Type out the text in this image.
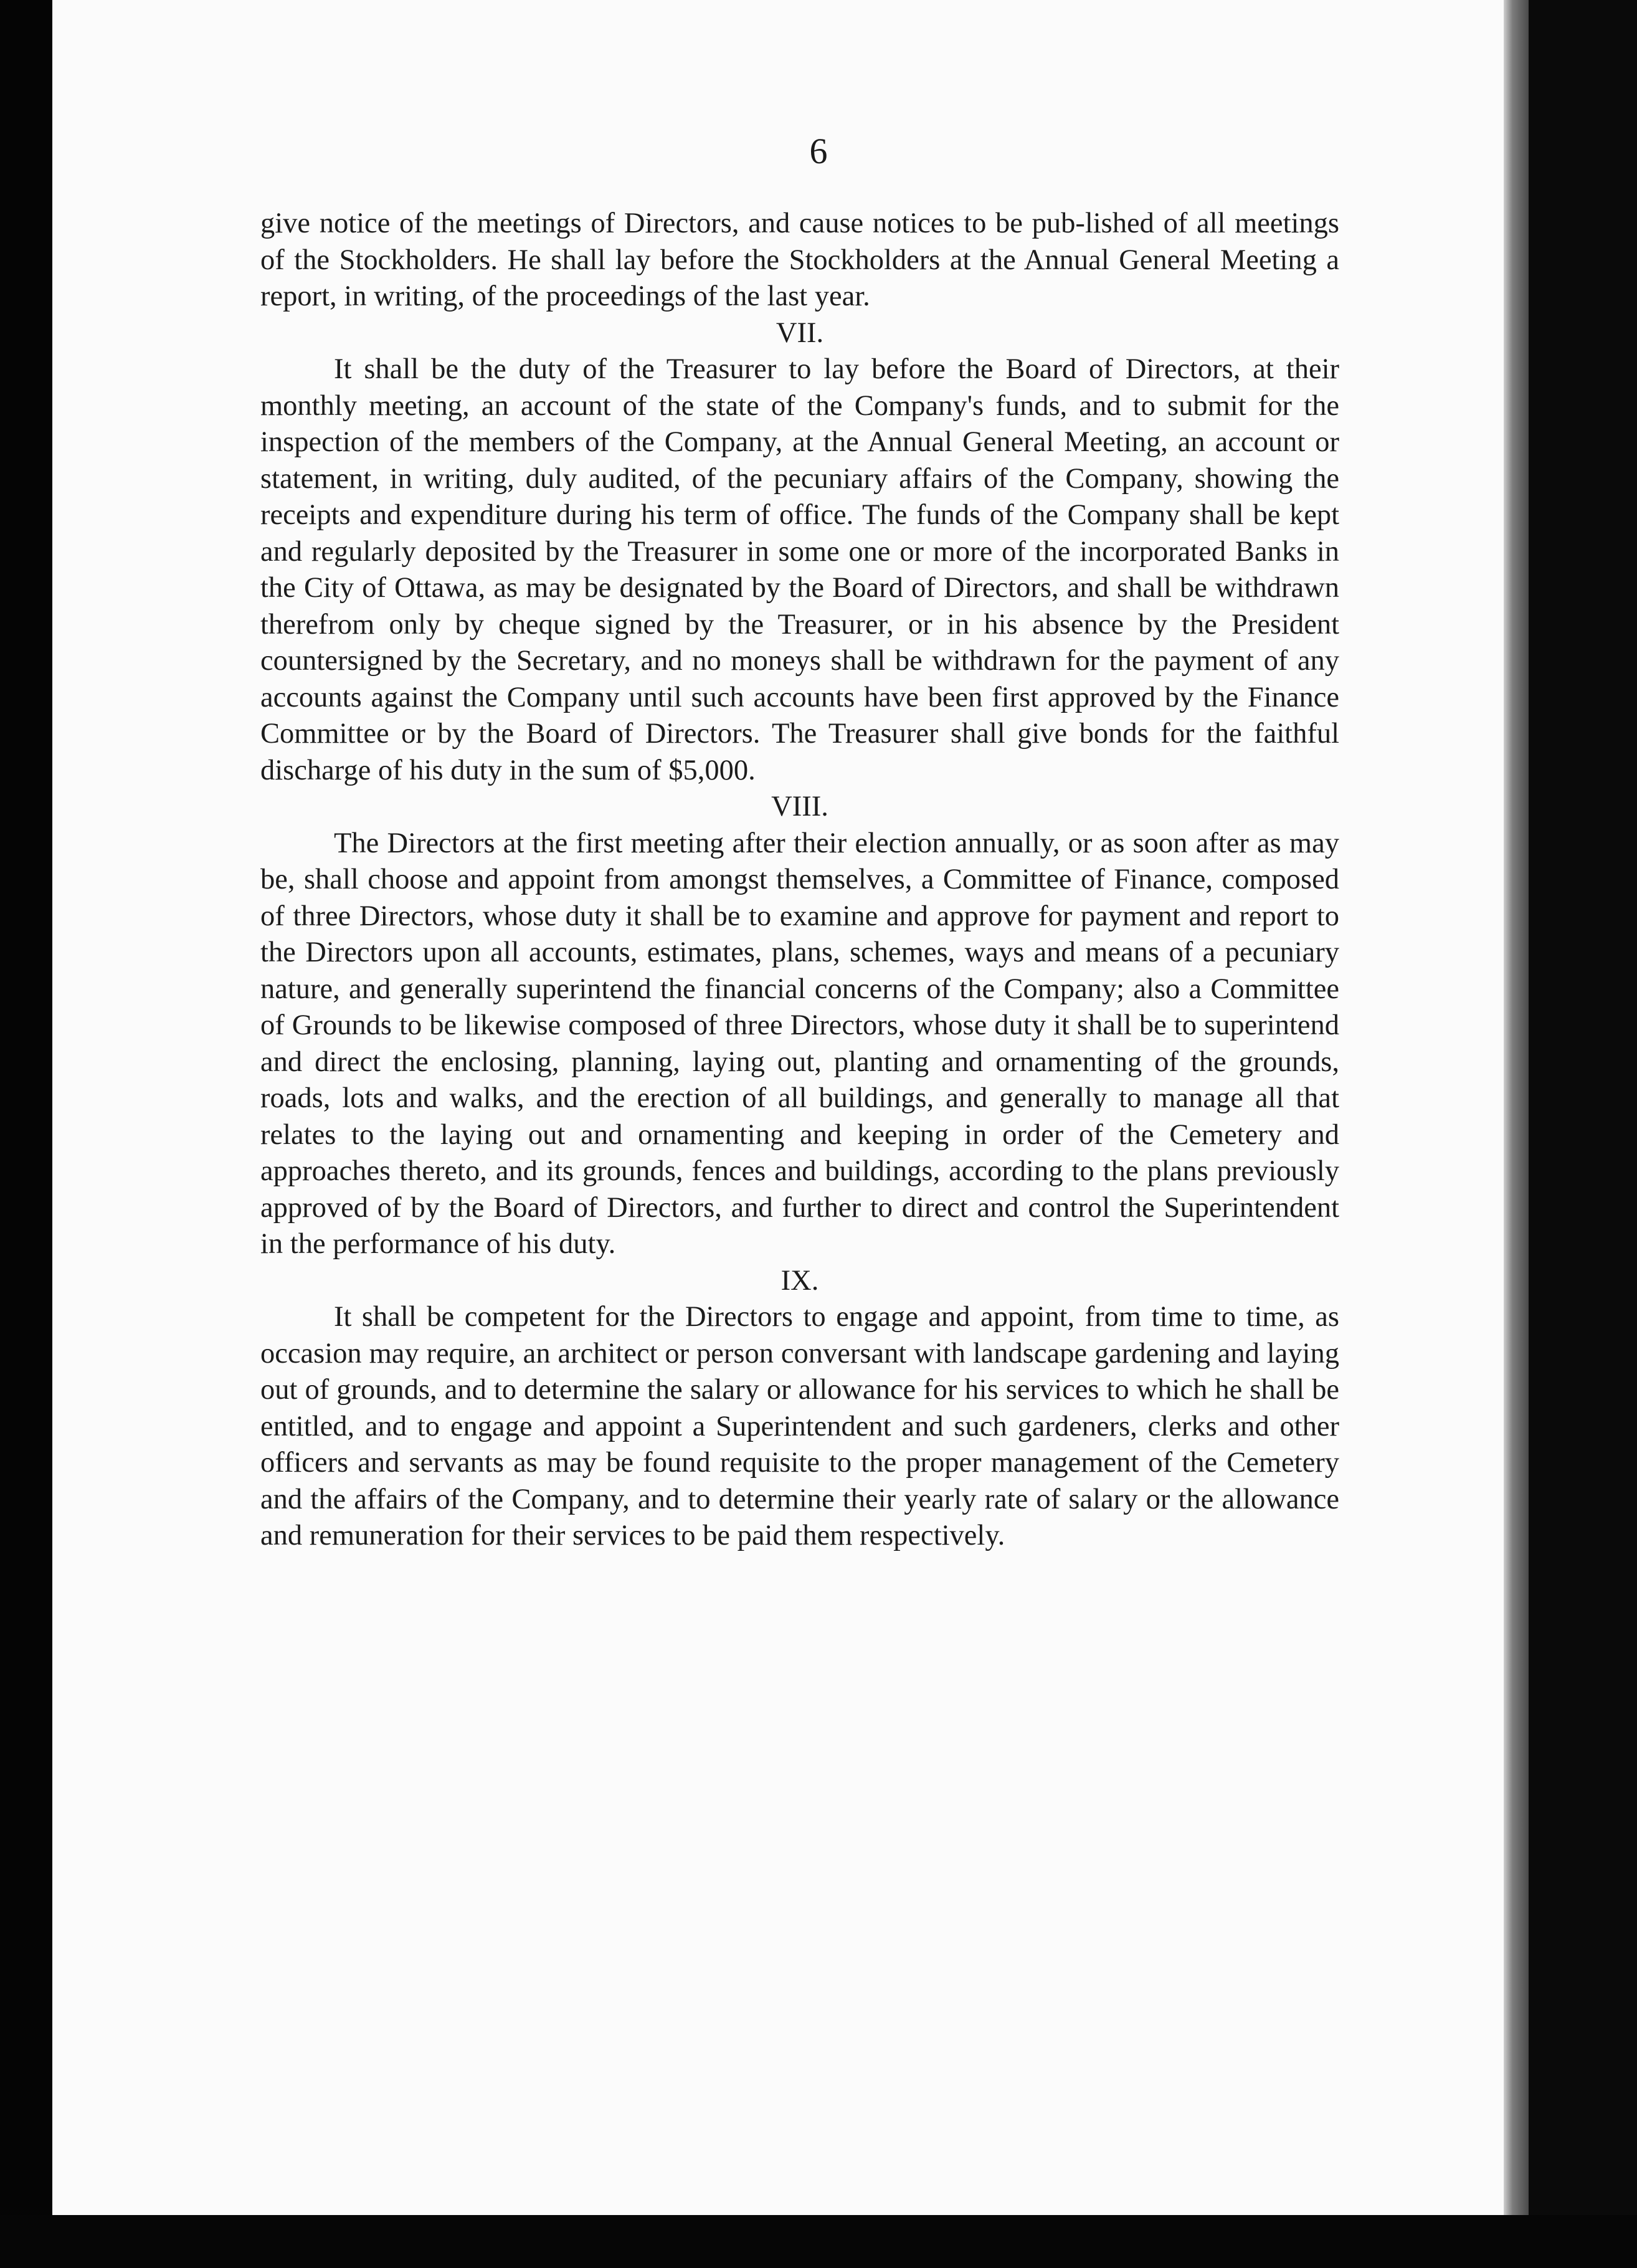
6

give notice of the meetings of Directors, and cause notices to be pub-lished of all meetings of the Stockholders. He shall lay before the Stockholders at the Annual General Meeting a report, in writing, of the proceedings of the last year.

VII.

It shall be the duty of the Treasurer to lay before the Board of Directors, at their monthly meeting, an account of the state of the Company's funds, and to submit for the inspection of the members of the Company, at the Annual General Meeting, an account or statement, in writing, duly audited, of the pecuniary affairs of the Company, showing the receipts and expenditure during his term of office. The funds of the Company shall be kept and regularly deposited by the Treasurer in some one or more of the incorporated Banks in the City of Ottawa, as may be designated by the Board of Directors, and shall be withdrawn therefrom only by cheque signed by the Treasurer, or in his absence by the President countersigned by the Secretary, and no moneys shall be withdrawn for the payment of any accounts against the Company until such accounts have been first approved by the Finance Committee or by the Board of Directors. The Treasurer shall give bonds for the faithful discharge of his duty in the sum of $5,000.

VIII.

The Directors at the first meeting after their election annually, or as soon after as may be, shall choose and appoint from amongst themselves, a Committee of Finance, composed of three Directors, whose duty it shall be to examine and approve for payment and report to the Directors upon all accounts, estimates, plans, schemes, ways and means of a pecuniary nature, and generally superintend the financial concerns of the Company; also a Committee of Grounds to be likewise composed of three Directors, whose duty it shall be to superintend and direct the enclosing, planning, laying out, planting and ornamenting of the grounds, roads, lots and walks, and the erection of all buildings, and generally to manage all that relates to the laying out and ornamenting and keeping in order of the Cemetery and approaches thereto, and its grounds, fences and buildings, according to the plans previously approved of by the Board of Directors, and further to direct and control the Superintendent in the performance of his duty.

IX.

It shall be competent for the Directors to engage and appoint, from time to time, as occasion may require, an architect or person conversant with landscape gardening and laying out of grounds, and to determine the salary or allowance for his services to which he shall be entitled, and to engage and appoint a Superintendent and such gardeners, clerks and other officers and servants as may be found requisite to the proper management of the Cemetery and the affairs of the Company, and to determine their yearly rate of salary or the allowance and remuneration for their services to be paid them respectively.
